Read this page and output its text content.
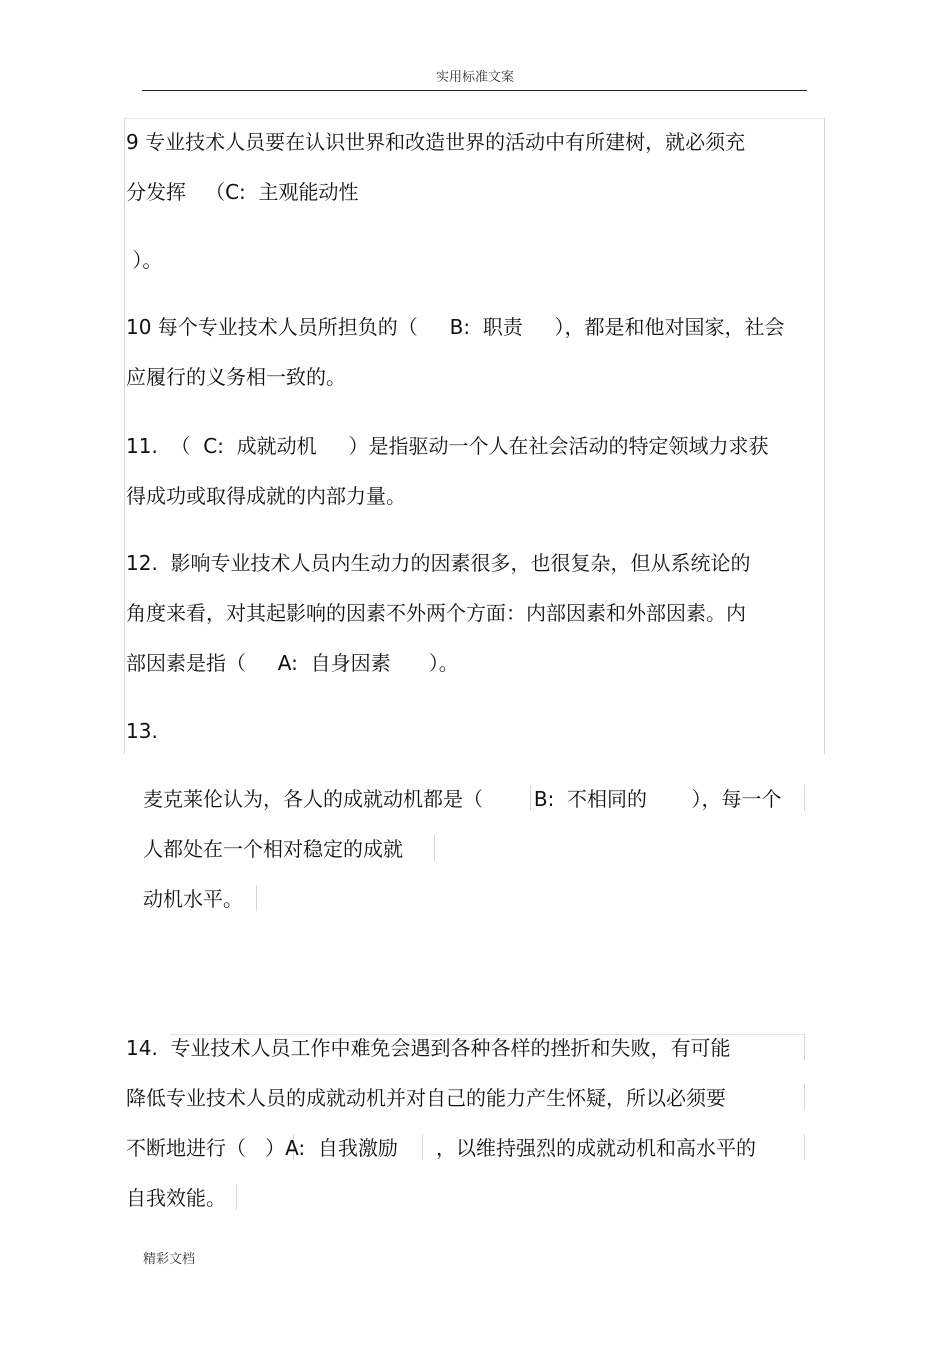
实用标准文案
9 专业技术人员要在认识世界和改造世界的活动中有所建树，就必须充
分发挥   （C:  主观能动性
）。
10 每个专业技术人员所担负的（     B:  职责     ），都是和他对国家，社会
应履行的义务相一致的。
11.  （  C:  成就动机     ）是指驱动一个人在社会活动的特定领域力求获
得成功或取得成就的内部力量。
12.  影响专业技术人员内生动力的因素很多，也很复杂，但从系统论的
角度来看，对其起影响的因素不外两个方面：内部因素和外部因素。内
部因素是指（     A:  自身因素      ）。
13.
麦克莱伦认为，各人的成就动机都是（        B:  不相同的       ），每一个
人都处在一个相对稳定的成就
动机水平。
14.  专业技术人员工作中难免会遇到各种各样的挫折和失败，有可能
降低专业技术人员的成就动机并对自己的能力产生怀疑，所以必须要
不断地进行（   ）A:  自我激励      ，以维持强烈的成就动机和高水平的
自我效能。
精彩文档
